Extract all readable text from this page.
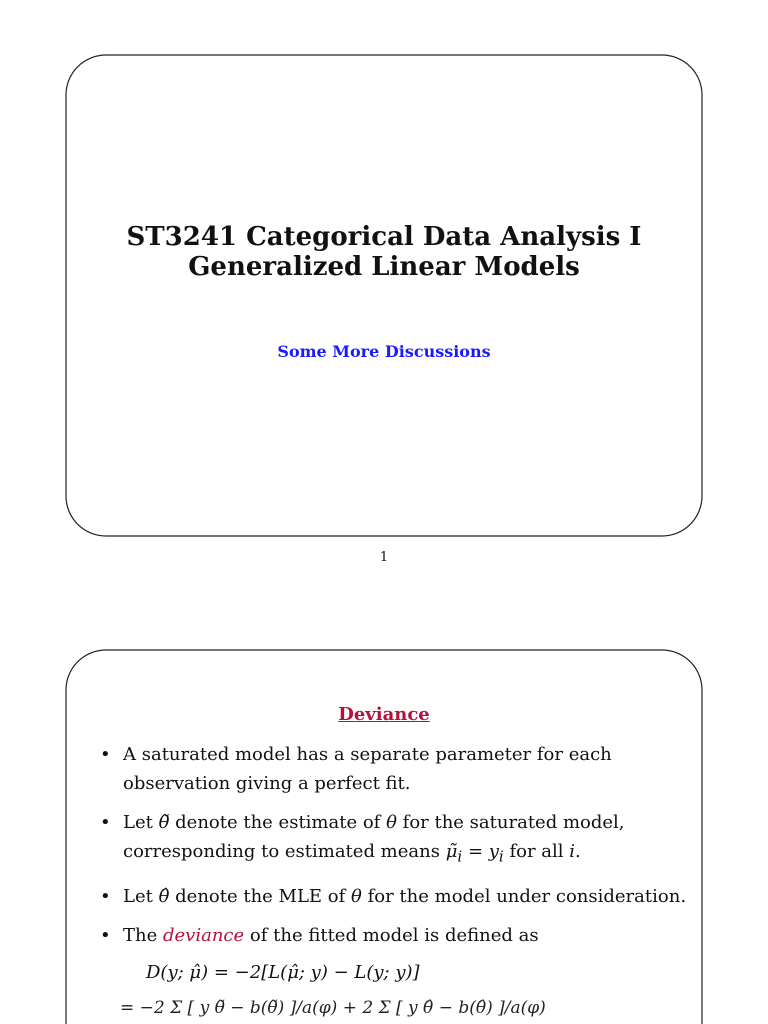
ST3241 Categorical Data Analysis I
Generalized Linear Models
Some More Discussions
1
Deviance
• A saturated model has a separate parameter for each
observation giving a perfect fit.
• Let θ̃ denote the estimate of θ for the saturated model,
corresponding to estimated means $\mũ_i = y_i$ for all i.
• Let θ̂ denote the MLE of θ for the model under consideration.
• The deviance of the fitted model is defined as
D(y; μ̂) = −2[L(μ̂; y) − L(y; y)]
= −2 Σ [ y θ̃ − b(θ̃) ]/a(φ) + 2 Σ [ y θ̂ − b(θ̂) ]/a(φ)
